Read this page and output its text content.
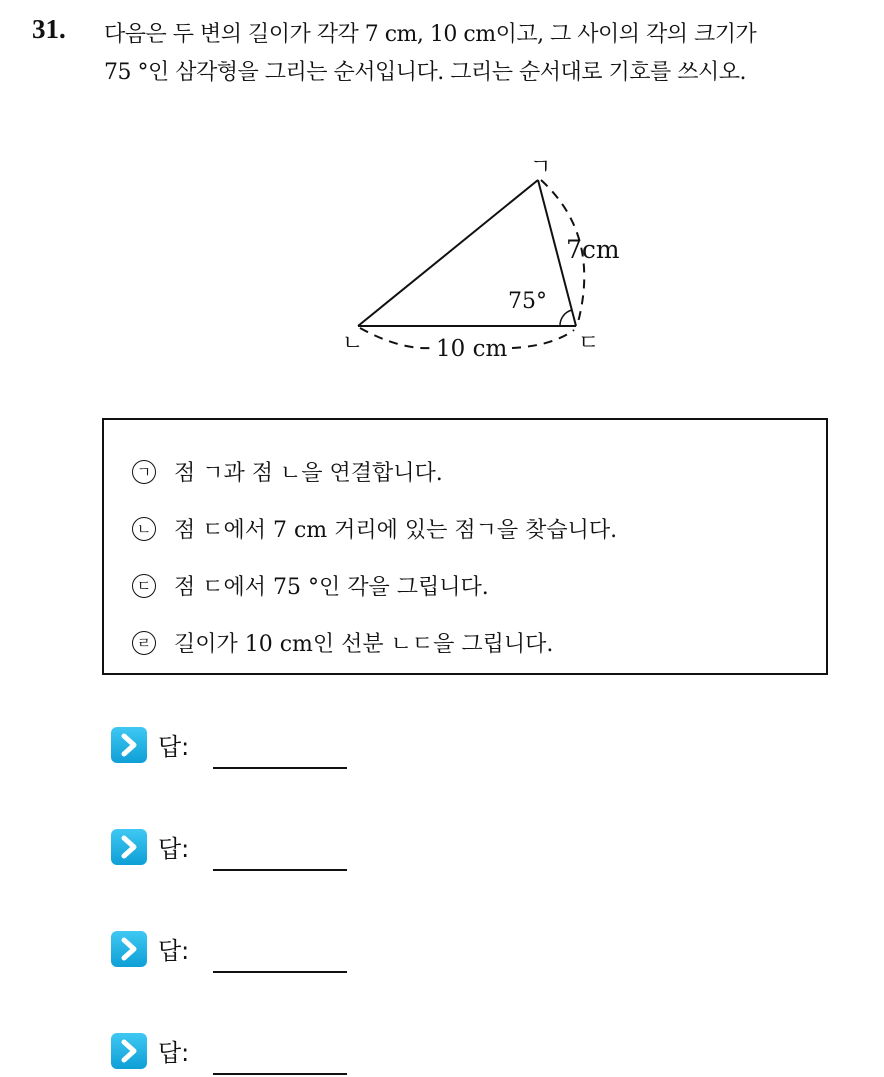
31. 다음은 두 변의 길이가 각각 7 cm, 10 cm이고, 그 사이의 각의 크기가
75 °인 삼각형을 그리는 순서입니다. 그리는 순서대로 기호를 쓰시오.
ㄱ
ㄴ	ㄷ
7cm
10 cm
75°
ㄱ 점 ㄱ과 점 ㄴ을 연결합니다.
ㄴ 점 ㄷ에서 7 cm 거리에 있는 점ㄱ을 찾습니다.
ㄷ 점 ㄷ에서 75 °인 각을 그립니다.
ㄹ 길이가 10 cm인 선분 ㄴㄷ을 그립니다.
답:
답:
답:
답:
